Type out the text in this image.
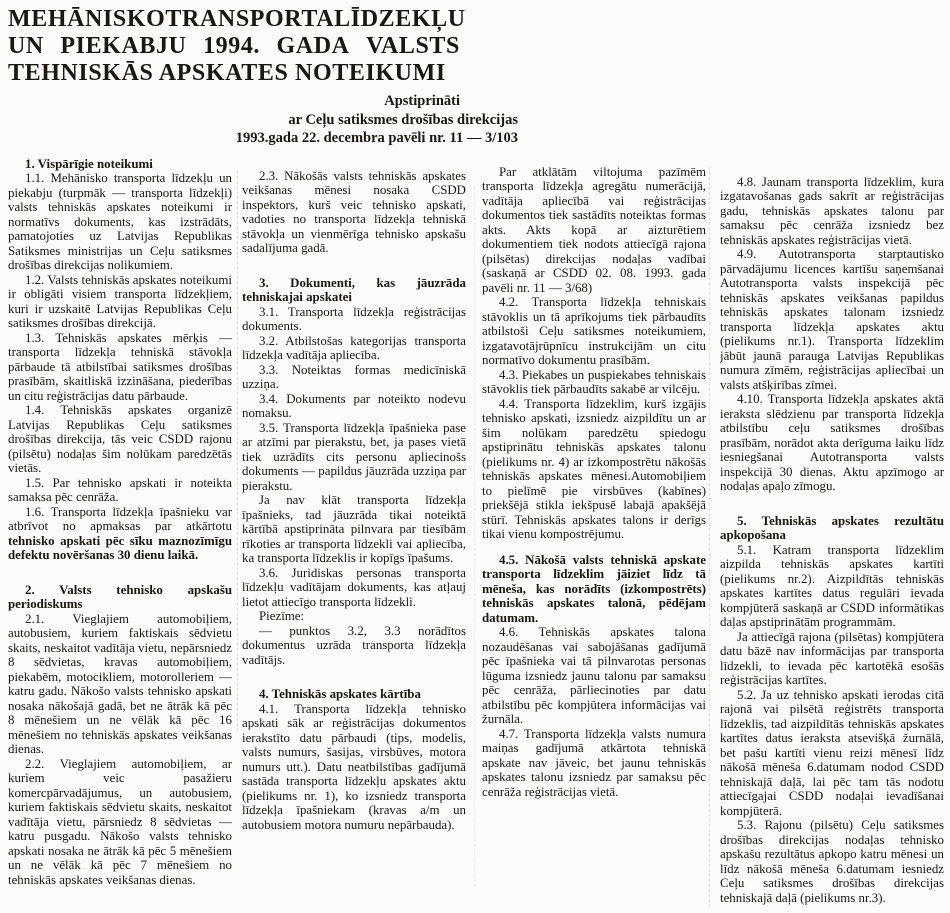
MEHĀNISKO TRANSPORTA LĪDZEKĻU
UN PIEKABJU 1994. GADA VALSTS
TEHNISKĀS APSKATES NOTEIKUMI
Apstiprināti
ar Ceļu satiksmes drošības direkcijas
1993.gada 22. decembra pavēli nr. 11 — 3/103

1. Vispārīgie noteikumi

1.1. Mehānisko transporta līdzekļu un piekabju (turpmāk — transporta līdzekļi) valsts tehniskās apskates noteikumi ir normatīvs dokuments, kas izstrādāts, pamatojoties uz Latvijas Republikas Satiksmes ministrijas un Ceļu satiksmes drošības direkcijas nolikumiem.

1.2. Valsts tehniskās apskates noteikumi ir obligāti visiem transporta līdzekļiem, kuri ir uzskaitē Latvijas Republikas Ceļu satiksmes drošības direkcijā.

1.3. Tehniskās apskates mērķis — transporta līdzekļa tehniskā stāvokļa pārbaude tā atbilstībai satiksmes drošības prasībām, skaitliskā izzināšana, piederības un citu reģistrācijas datu pārbaude.

1.4. Tehniskās apskates organizē Latvijas Republikas Ceļu satiksmes drošības direkcija, tās veic CSDD rajonu (pilsētu) nodaļas šim nolūkam paredzētās vietās.

1.5. Par tehnisko apskati ir noteikta samaksa pēc cenrāža.

1.6. Transporta līdzekļa īpašnieku var atbrīvot no apmaksas par atkārtotu tehnisko apskati pēc sīku maznozīmīgu defektu novēršanas 30 dienu laikā.

2. Valsts tehnisko apskašu periodiskums

2.1. Vieglajiem automobiļiem, autobusiem, kuriem faktiskais sēdvietu skaits, neskaitot vadītāja vietu, nepārsniedz 8 sēdvietas, kravas automobiļiem, piekabēm, motocikliem, motorolleriem — katru gadu. Nākošo valsts tehnisko apskati nosaka nākošajā gadā, bet ne ātrāk kā pēc 8 mēnešiem un ne vēlāk kā pēc 16 mēnešiem no tehniskās apskates veikšanas dienas.

2.2. Vieglajiem automobiļiem, ar kuriem veic pasažieru komercpārvadājumus, un autobusiem, kuriem faktiskais sēdvietu skaits, neskaitot vadītāja vietu, pārsniedz 8 sēdvietas — katru pusgadu. Nākošo valsts tehnisko apskati nosaka ne ātrāk kā pēc 5 mēnešiem un ne vēlāk kā pēc 7 mēnešiem no tehniskās apskates veikšanas dienas.

2.3. Nākošās valsts tehniskās apskates veikšanas mēnesi nosaka CSDD inspektors, kurš veic tehnisko apskati, vadoties no transporta līdzekļa tehniskā stāvokļa un vienmērīga tehnisko apskašu sadalījuma gadā.

3. Dokumenti, kas jāuzrāda tehniskajai apskatei

3.1. Transporta līdzekļa reģistrācijas dokuments.

3.2. Atbilstošas kategorijas transporta līdzekļa vadītāja apliecība.

3.3. Noteiktas formas medicīniskā uzziņa.

3.4. Dokuments par noteikto nodevu nomaksu.

3.5. Transporta līdzekļa īpašnieka pase ar atzīmi par pierakstu, bet, ja pases vietā tiek uzrādīts cits personu apliecinošs dokuments — papildus jāuzrāda uzziņa par pierakstu.

Ja nav klāt transporta līdzekļa īpašnieks, tad jāuzrāda tikai noteiktā kārtībā apstiprināta pilnvara par tiesībām rīkoties ar transporta līdzekli vai apliecība, ka transporta līdzeklis ir kopīgs īpašums.

3.6. Juridiskas personas transporta līdzekļu vadītājam dokuments, kas atļauj lietot attiecīgo transporta līdzekli.

Piezīme:

— punktos 3.2, 3.3 norādītos dokumentus uzrāda transporta līdzekļa vadītājs.

4. Tehniskās apskates kārtība

4.1. Transporta līdzekļa tehnisko apskati sāk ar reģistrācijas dokumentos ierakstīto datu pārbaudi (tips, modelis, valsts numurs, šasijas, virsbūves, motora numurs utt.). Datu neatbilstības gadījumā sastāda transporta līdzekļu apskates aktu (pielikums nr. 1), ko izsniedz transporta līdzekļa īpašniekam (kravas a/m un autobusiem motora numuru nepārbauda).

Par atklātām viltojuma pazīmēm transporta līdzekļa agregātu numerācijā, vadītāja apliecībā vai reģistrācijas dokumentos tiek sastādīts noteiktas formas akts. Akts kopā ar aizturētiem dokumentiem tiek nodots attiecīgā rajona (pilsētas) direkcijas nodaļas vadībai (saskaņā ar CSDD 02. 08. 1993. gada pavēli nr. 11 — 3/68)

4.2. Transporta līdzekļa tehniskais stāvoklis un tā aprīkojums tiek pārbaudīts atbilstoši Ceļu satiksmes noteikumiem, izgatavotājrūpnīcu instrukcijām un citu normatīvo dokumentu prasībām.

4.3. Piekabes un puspiekabes tehniskais stāvoklis tiek pārbaudīts sakabē ar vilcēju.

4.4. Transporta līdzeklim, kurš izgājis tehnisko apskati, izsniedz aizpildītu un ar šim nolūkam paredzētu spiedogu apstiprinātu tehniskās apskates talonu (pielikums nr. 4) ar izkompostrētu nākošās tehniskās apskates mēnesi.Automobiļiem to pielīmē pie virsbūves (kabīnes) priekšējā stikla iekšpusē labajā apakšējā stūrī. Tehniskās apskates talons ir derīgs tikai vienu kompostrējumu.

4.5. Nākošā valsts tehniskā apskate transporta līdzeklim jāiziet līdz tā mēneša, kas norādīts (izkompostrēts) tehniskās apskates talonā, pēdējam datumam.

4.6. Tehniskās apskates talona nozaudēšanas vai sabojāšanas gadījumā pēc īpašnieka vai tā pilnvarotas personas lūguma izsniedz jaunu talonu par samaksu pēc cenrāža, pārliecinoties par datu atbilstību pēc kompjūtera informācijas vai žurnāla.

4.7. Transporta līdzekļa valsts numura maiņas gadījumā atkārtota tehniskā apskate nav jāveic, bet jaunu tehniskās apskates talonu izsniedz par samaksu pēc cenrāža reģistrācijas vietā.

4.8. Jaunam transporta līdzeklim, kura izgatavošanas gads sakrīt ar reģistrācijas gadu, tehniskās apskates talonu par samaksu pēc cenrāža izsniedz bez tehniskās apskates reģistrācijas vietā.

4.9. Autotransporta starptautisko pārvadājumu licences kartīšu saņemšanai Autotransporta valsts inspekcijā pēc tehniskās apskates veikšanas papildus tehniskās apskates talonam izsniedz transporta līdzekļa apskates aktu (pielikums nr.1). Transporta līdzeklim jābūt jaunā parauga Latvijas Republikas numura zīmēm, reģistrācijas apliecībai un valsts atšķirības zīmei.

4.10. Transporta līdzekļa apskates aktā ieraksta slēdzienu par transporta līdzekļa atbilstību ceļu satiksmes drošības prasībām, norādot akta derīguma laiku līdz iesniegšanai Autotransporta valsts inspekcijā 30 dienas. Aktu apzīmogo ar nodaļas apaļo zīmogu.

5. Tehniskās apskates rezultātu apkopošana

5.1. Katram transporta līdzeklim aizpilda tehniskās apskates kartīti (pielikums nr.2). Aizpildītās tehniskās apskates kartītes datus regulāri ievada kompjūterā saskaņā ar CSDD informātikas daļas apstiprinātām programmām.

Ja attiecīgā rajona (pilsētas) kompjūtera datu bāzē nav informācijas par transporta līdzekli, to ievada pēc kartotēkā esošās reģistrācijas kartītes.

5.2. Ja uz tehnisko apskati ierodas citā rajonā vai pilsētā reģistrēts transporta līdzeklis, tad aizpildītās tehniskās apskates kartītes datus ieraksta atsevišķā žurnālā, bet pašu kartīti vienu reizi mēnesī līdz nākošā mēneša 6.datumam nodod CSDD tehniskajā daļā, lai pēc tam tās nodotu attiecīgajai CSDD nodaļai ievadīšanai kompjūterā.

5.3. Rajonu (pilsētu) Ceļu satiksmes drošības direkcijas nodaļas tehnisko apskašu rezultātus apkopo katru mēnesi un līdz nākošā mēneša 6.datumam iesniedz Ceļu satiksmes drošības direkcijas tehniskajā daļā (pielikums nr.3).
